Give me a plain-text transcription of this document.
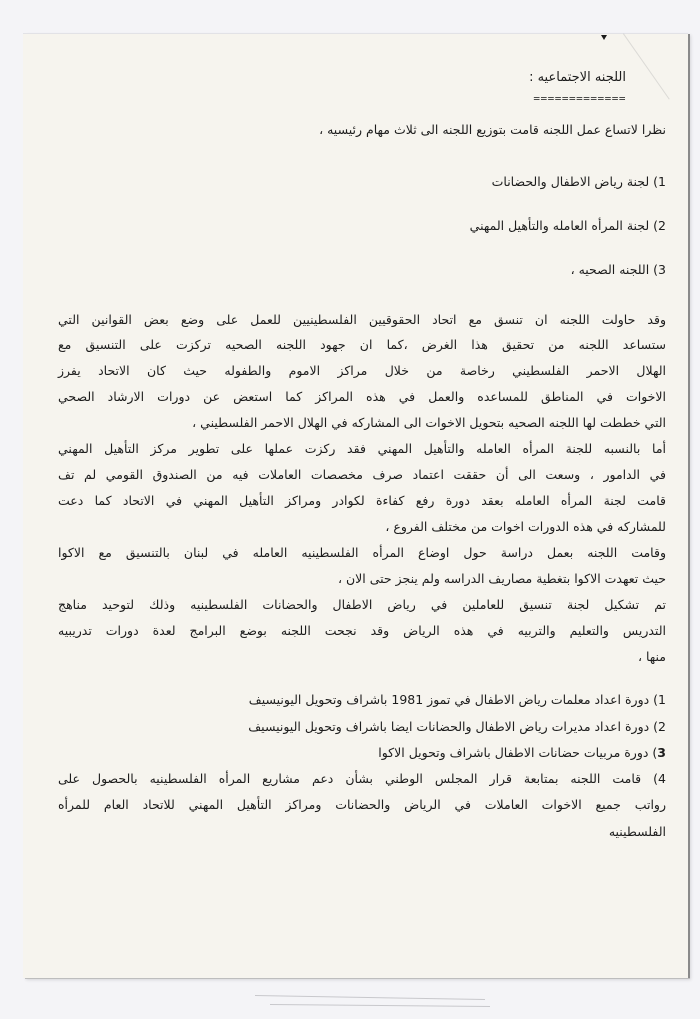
اللجنه الاجتماعيه :
=============
نظرا لاتساع عمل اللجنه قامت بتوزيع اللجنه الى ثلاث مهام رئيسيه ،
1) لجنة رياض الاطفال والحضانات
2) لجنة المرأه العامله والتأهيل المهني
3) اللجنه الصحيه ،
وقد حاولت اللجنه ان تنسق مع اتحاد الحقوقيين الفلسطينيين للعمل على وضع بعض القوانين التي
ستساعد اللجنه من تحقيق هذا الغرض ،كما ان جهود اللجنه الصحيه تركزت على التنسيق مع
الهلال الاحمر الفلسطيني رخاصة من خلال مراكز الاموم والطفوله حيث كان الاتحاد يفرز
الاخوات في المناطق للمساعده والعمل في هذه المراكز كما استعض عن دورات الارشاد الصحي
التي خططت لها اللجنه الصحيه بتحويل الاخوات الى المشاركه في الهلال الاحمر الفلسطيني ،
أما بالنسبه للجنة المرأه العامله والتأهيل المهني فقد ركزت عملها على تطوير مركز التأهيل المهني
في الدامور ، وسعت الى أن حققت اعتماد صرف مخصصات العاملات فيه من الصندوق القومي لم تف
قامت لجنة المرأه العامله بعقد دورة رفع كفاءة لكوادر ومراكز التأهيل المهني في الاتحاد كما دعت
للمشاركه في هذه الدورات اخوات من مختلف الفروع ،
وقامت اللجنه بعمل دراسة حول اوضاع المرأه الفلسطينيه العامله في لبنان بالتنسيق مع الاكوا
حيث تعهدت الاكوا بتغطية مصاريف الدراسه ولم ينجز حتى الان ،
تم تشكيل لجنة تنسيق للعاملين في رياض الاطفال والحضانات الفلسطينيه وذلك لتوحيد مناهج
التدريس والتعليم والتربيه في هذه الرياض وقد نجحت اللجنه بوضع البرامج لعدة دورات تدريبيه
منها ،
1) دورة اعداد معلمات رياض الاطفال في تموز 1981 باشراف وتحويل اليونيسيف
2) دورة اعداد مديرات رياض الاطفال والحضانات ايضا باشراف وتحويل اليونيسيف
3) دورة مربيات حضانات الاطفال باشراف وتحويل الاكوا
4) قامت اللجنه بمتابعة قرار المجلس الوطني بشأن دعم مشاريع المرأه الفلسطينيه بالحصول على
رواتب جميع الاخوات العاملات في الرياض والحضانات ومراكز التأهيل المهني للاتحاد العام للمرأه
الفلسطينيه
